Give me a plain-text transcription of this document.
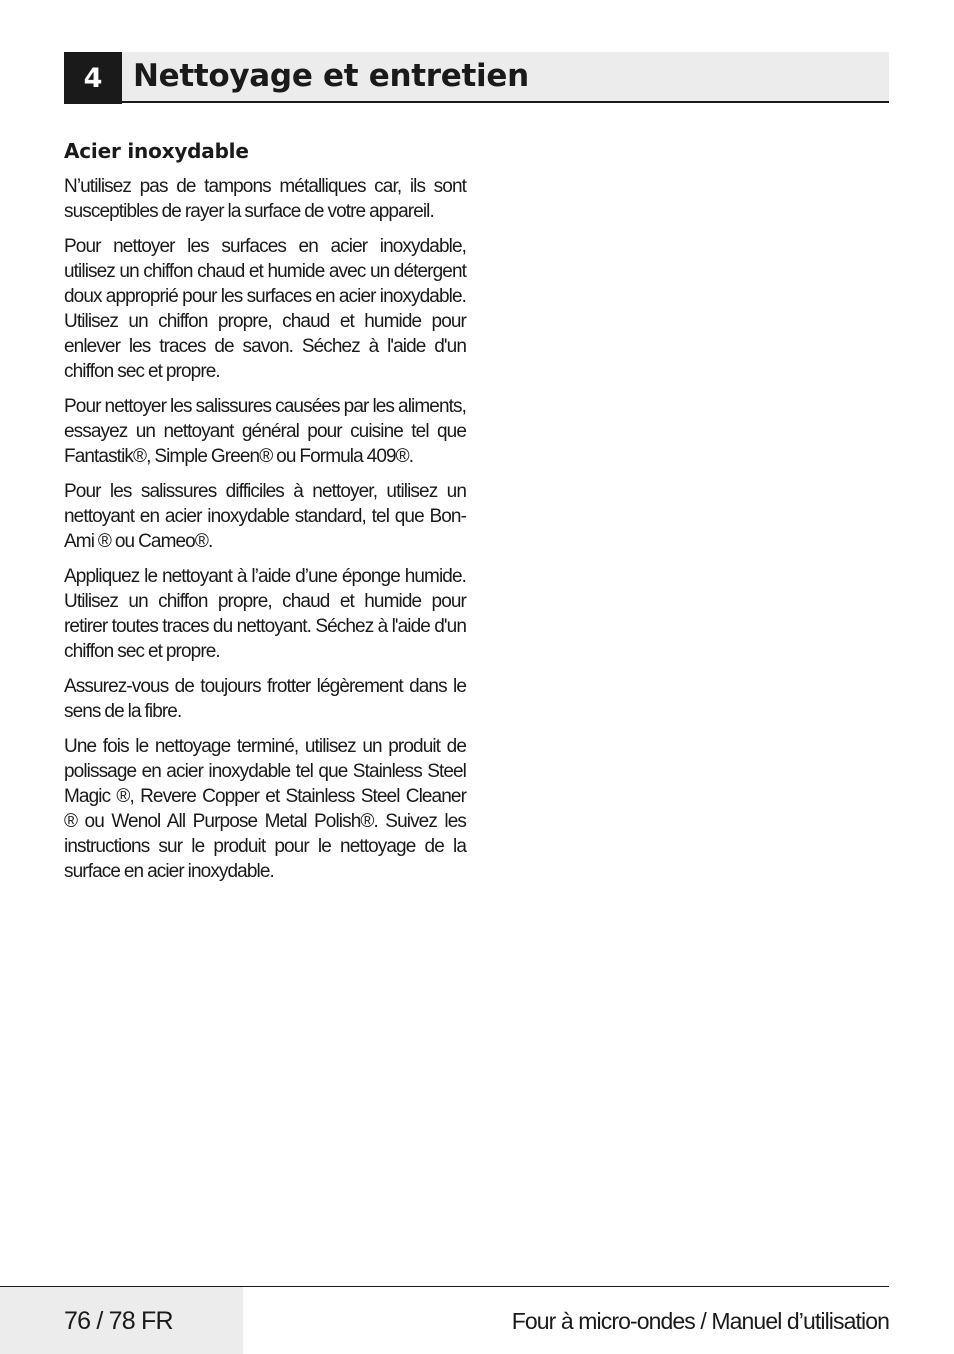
4 Nettoyage et entretien
Acier inoxydable

N’utilisez pas de tampons métalliques car, ils sont susceptibles de rayer la surface de votre appareil.

Pour nettoyer les surfaces en acier inoxydable, utilisez un chiffon chaud et humide avec un détergent doux approprié pour les surfaces en acier inoxydable. Utilisez un chiffon propre, chaud et humide pour enlever les traces de savon. Séchez à l'aide d'un chiffon sec et propre.

Pour nettoyer les salissures causées par les aliments, essayez un nettoyant général pour cuisine tel que Fantastik®, Simple Green® ou Formula 409®.

Pour les salissures difficiles à nettoyer, utilisez un nettoyant en acier inoxydable standard, tel que Bon-Ami ® ou Cameo®.

Appliquez le nettoyant à l’aide d’une éponge humide. Utilisez un chiffon propre, chaud et humide pour retirer toutes traces du nettoyant. Séchez à l'aide d'un chiffon sec et propre.

Assurez-vous de toujours frotter légèrement dans le sens de la fibre.

Une fois le nettoyage terminé, utilisez un produit de polissage en acier inoxydable tel que Stainless Steel Magic ®, Revere Copper et Stainless Steel Cleaner ® ou Wenol All Purpose Metal Polish®. Suivez les instructions sur le produit pour le nettoyage de la surface en acier inoxydable.

76 / 78 FR	Four à micro-ondes / Manuel d’utilisation
